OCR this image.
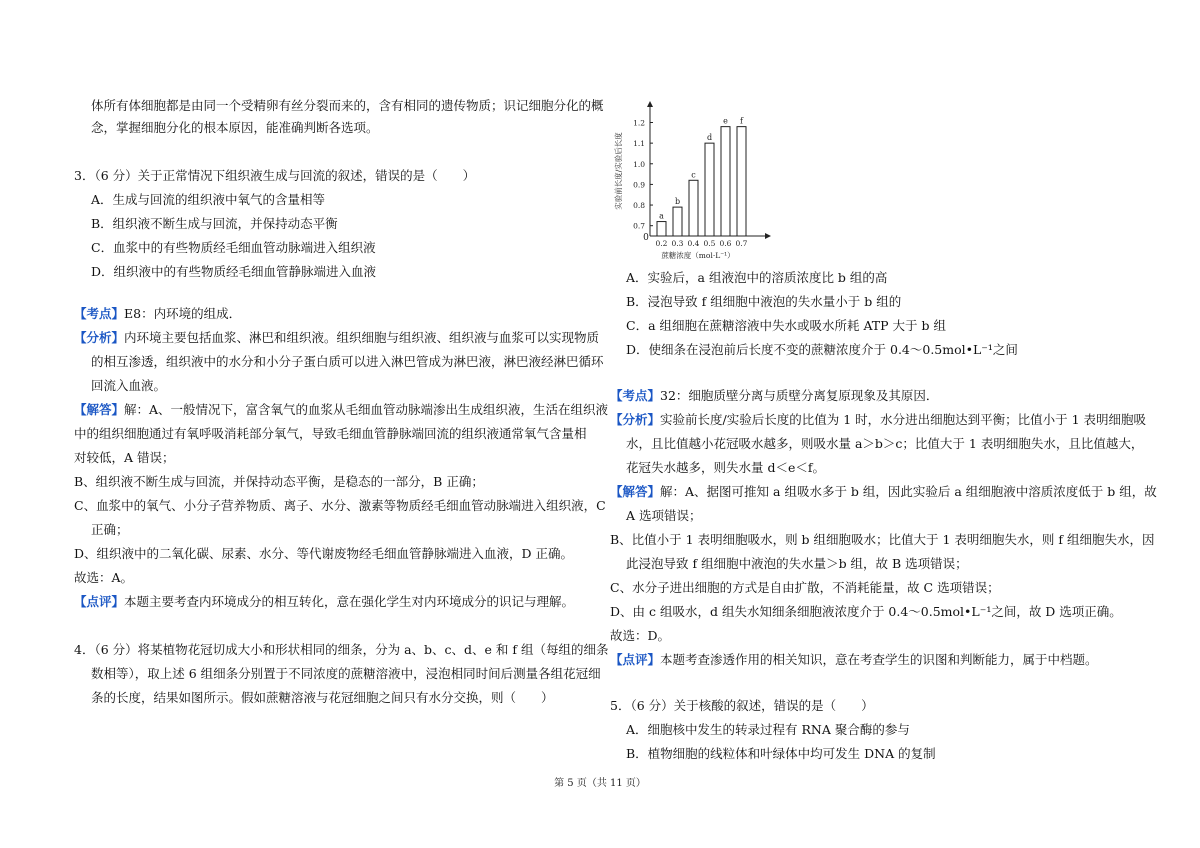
体所有体细胞都是由同一个受精卵有丝分裂而来的，含有相同的遗传物质；识记细胞分化的概
念，掌握细胞分化的根本原因，能准确判断各选项。
3．（6 分）关于正常情况下组织液生成与回流的叙述，错误的是（　　）
A．生成与回流的组织液中氧气的含量相等
B．组织液不断生成与回流，并保持动态平衡
C．血浆中的有些物质经毛细血管动脉端进入组织液
D．组织液中的有些物质经毛细血管静脉端进入血液
【考点】E8：内环境的组成．
【分析】内环境主要包括血浆、淋巴和组织液。组织细胞与组织液、组织液与血浆可以实现物质
的相互渗透，组织液中的水分和小分子蛋白质可以进入淋巴管成为淋巴液，淋巴液经淋巴循环
回流入血液。
【解答】解：A、一般情况下，富含氧气的血浆从毛细血管动脉端渗出生成组织液，生活在组织液
中的组织细胞通过有氧呼吸消耗部分氧气，导致毛细血管静脉端回流的组织液通常氧气含量相
对较低，A 错误；
B、组织液不断生成与回流，并保持动态平衡，是稳态的一部分，B 正确；
C、血浆中的氧气、小分子营养物质、离子、水分、激素等物质经毛细血管动脉端进入组织液，C
正确；
D、组织液中的二氧化碳、尿素、水分、等代谢废物经毛细血管静脉端进入血液，D 正确。
故选：A。
【点评】本题主要考查内环境成分的相互转化，意在强化学生对内环境成分的识记与理解。
4．（6 分）将某植物花冠切成大小和形状相同的细条，分为 a、b、c、d、e 和 f 组（每组的细条
数相等），取上述 6 组细条分别置于不同浓度的蔗糖溶液中，浸泡相同时间后测量各组花冠细
条的长度，结果如图所示。假如蔗糖溶液与花冠细胞之间只有水分交换，则（　　）
0
0.7
0.8
0.9
1.0
1.1
1.2
实验前长度/实验后长度
a
0.2
b
0.3
c
0.4
d
0.5
e
0.6
f
0.7
蔗糖浓度（mol·L⁻¹）
A．实验后，a 组液泡中的溶质浓度比 b 组的高
B．浸泡导致 f 组细胞中液泡的失水量小于 b 组的
C．a 组细胞在蔗糖溶液中失水或吸水所耗 ATP 大于 b 组
D．使细条在浸泡前后长度不变的蔗糖浓度介于 0.4～0.5mol•L⁻¹之间
【考点】32：细胞质壁分离与质壁分离复原现象及其原因．
【分析】实验前长度/实验后长度的比值为 1 时，水分进出细胞达到平衡；比值小于 1 表明细胞吸
水，且比值越小花冠吸水越多，则吸水量 a＞b＞c；比值大于 1 表明细胞失水，且比值越大，
花冠失水越多，则失水量 d＜e＜f。
【解答】解：A、据图可推知 a 组吸水多于 b 组，因此实验后 a 组细胞液中溶质浓度低于 b 组，故
A 选项错误；
B、比值小于 1 表明细胞吸水，则 b 组细胞吸水；比值大于 1 表明细胞失水，则 f 组细胞失水，因
此浸泡导致 f 组细胞中液泡的失水量＞b 组，故 B 选项错误；
C、水分子进出细胞的方式是自由扩散，不消耗能量，故 C 选项错误；
D、由 c 组吸水，d 组失水知细条细胞液浓度介于 0.4～0.5mol•L⁻¹之间，故 D 选项正确。
故选：D。
【点评】本题考查渗透作用的相关知识，意在考查学生的识图和判断能力，属于中档题。
5．（6 分）关于核酸的叙述，错误的是（　　）
A．细胞核中发生的转录过程有 RNA 聚合酶的参与
B．植物细胞的线粒体和叶绿体中均可发生 DNA 的复制
第 5 页（共 11 页）
